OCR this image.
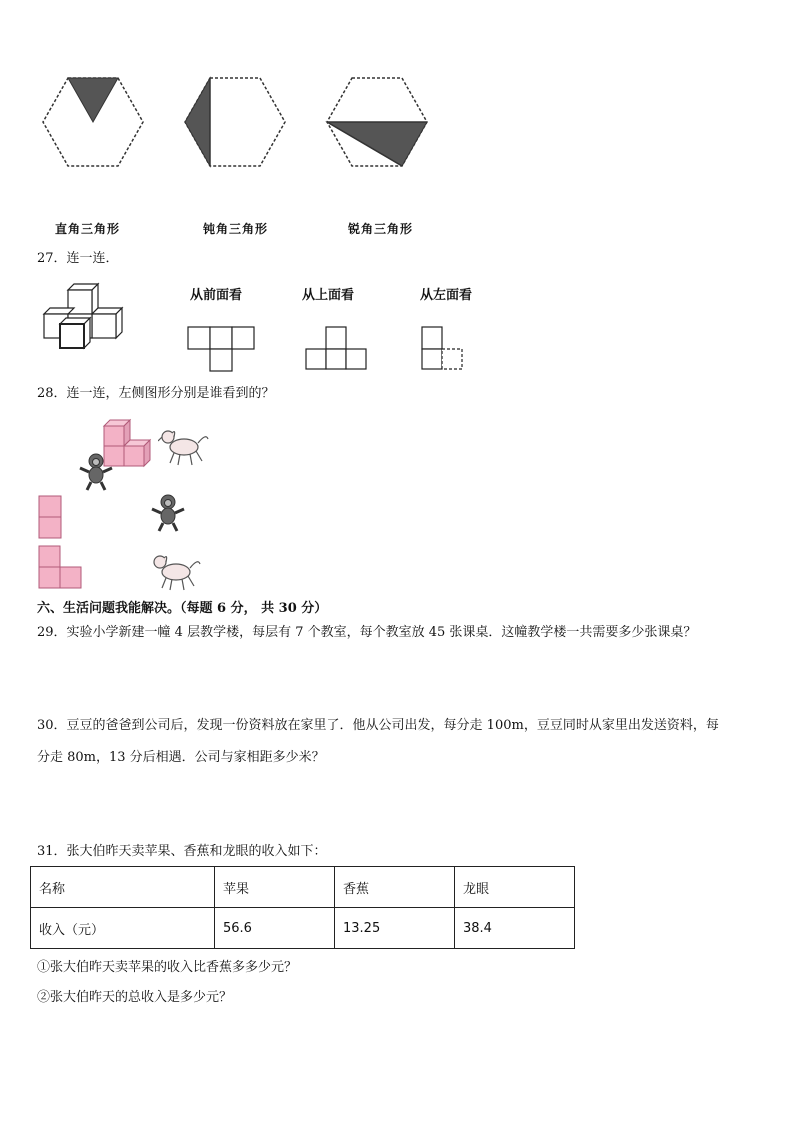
直角三角形	钝角三角形	锐角三角形
27．连一连．
从前面看	从上面看	从左面看
28．连一连，左侧图形分别是谁看到的？
六、生活问题我能解决。（每题 6 分， 共 30 分）
29．实验小学新建一幢 4 层教学楼，每层有 7 个教室，每个教室放 45 张课桌．这幢教学楼一共需要多少张课桌？
30．豆豆的爸爸到公司后，发现一份资料放在家里了．他从公司出发，每分走 100m，豆豆同时从家里出发送资料，每
分走 80m，13 分后相遇．公司与家相距多少米？
31．张大伯昨天卖苹果、香蕉和龙眼的收入如下：
名称	苹果	香蕉	龙眼
收入（元）	56.6	13.25	38.4
①张大伯昨天卖苹果的收入比香蕉多多少元？
②张大伯昨天的总收入是多少元？
